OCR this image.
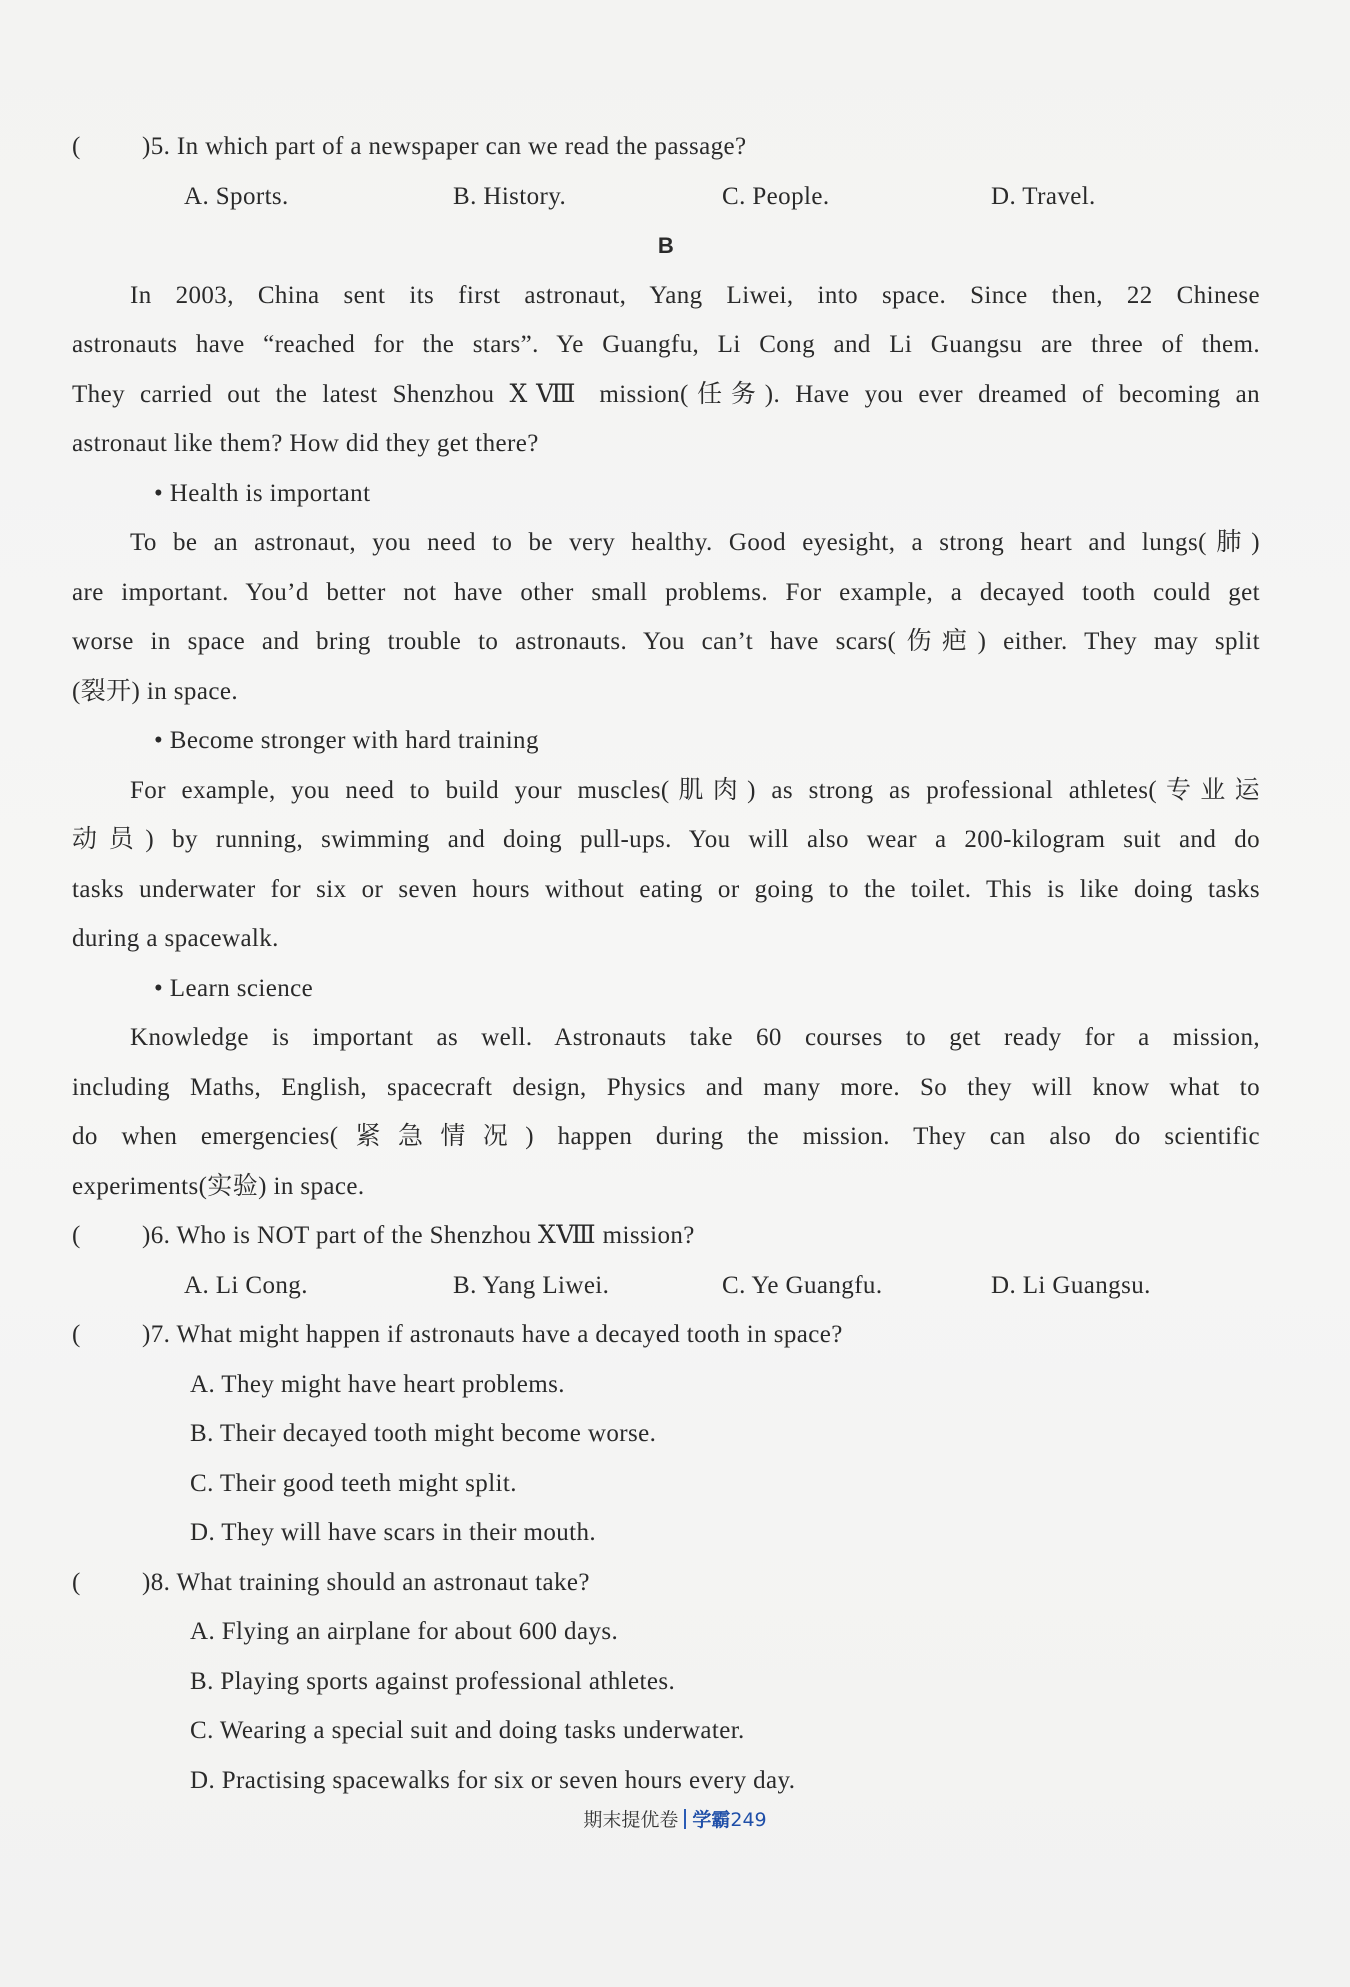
( )5. In which part of a newspaper can we read the passage?
A. Sports.	B. History.	C. People.	D. Travel.
B
In 2003, China sent its first astronaut, Yang Liwei, into space. Since then, 22 Chinese
astronauts have “reached for the stars”. Ye Guangfu, Li Cong and Li Guangsu are three of them.
They carried out the latest Shenzhou ⅩⅧ mission(任务). Have you ever dreamed of becoming an
astronaut like them? How did they get there?
• Health is important
To be an astronaut, you need to be very healthy. Good eyesight, a strong heart and lungs(肺)
are important. You’d better not have other small problems. For example, a decayed tooth could get
worse in space and bring trouble to astronauts. You can’t have scars(伤疤) either. They may split
(裂开) in space.
• Become stronger with hard training
For example, you need to build your muscles(肌肉) as strong as professional athletes(专业运
动员) by running, swimming and doing pull-ups. You will also wear a 200-kilogram suit and do
tasks underwater for six or seven hours without eating or going to the toilet. This is like doing tasks
during a spacewalk.
• Learn science
Knowledge is important as well. Astronauts take 60 courses to get ready for a mission,
including Maths, English, spacecraft design, Physics and many more. So they will know what to
do when emergencies(紧急情况) happen during the mission. They can also do scientific
experiments(实验) in space.
( )6. Who is NOT part of the Shenzhou ⅩⅧ mission?
A. Li Cong.	B. Yang Liwei.	C. Ye Guangfu.	D. Li Guangsu.
( )7. What might happen if astronauts have a decayed tooth in space?
A. They might have heart problems.
B. Their decayed tooth might become worse.
C. Their good teeth might split.
D. They will have scars in their mouth.
( )8. What training should an astronaut take?
A. Flying an airplane for about 600 days.
B. Playing sports against professional athletes.
C. Wearing a special suit and doing tasks underwater.
D. Practising spacewalks for six or seven hours every day.
期末提优卷 学霸249
